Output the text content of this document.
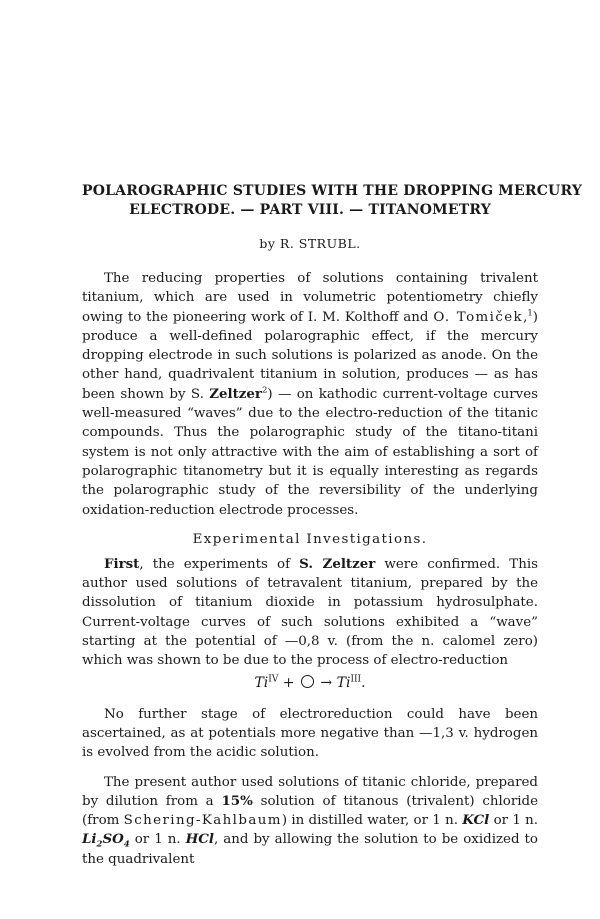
POLAROGRAPHIC STUDIES WITH THE DROPPING MERCURY
ELECTRODE. — PART VIII. — TITANOMETRY
by R. STRUBL.

The reducing properties of solutions containing trivalent titanium, which are used in volumetric potentiometry chiefly owing to the pioneering work of I. M. Kolthoff and O. Tomiček,$^1$) produce a well-defined polarographic effect, if the mercury dropping electrode in such solutions is polarized as anode. On the other hand, quadrivalent titanium in solution, produces — as has been shown by S. Zeltzer$^2$) — on kathodic current-voltage curves well-measured “waves” due to the electro-reduction of the titanic compounds. Thus the polarographic study of the titano-titani system is not only attractive with the aim of establishing a sort of polarographic titanometry but it is equally interesting as regards the polarographic study of the reversibility of the underlying oxidation-reduction electrode processes.

Experimental Investigations.

First, the experiments of S. Zeltzer were confirmed. This author used solutions of tetravalent titanium, prepared by the dissolution of titanium dioxide in potassium hydrosulphate. Current-voltage curves of such solutions exhibited a “wave” starting at the potential of —0,8 v. (from the n. calomel zero) which was shown to be due to the process of electro-reduction

$Ti^{IV}$ +  → $Ti^{III}$.

No further stage of electroreduction could have been ascertained, as at potentials more negative than —1,3 v. hydrogen is evolved from the acidic solution.

The present author used solutions of titanic chloride, prepared by dilution from a 15% solution of titanous (trivalent) chloride (from Schering-Kahlbaum) in distilled water, or 1 n. KCl or 1 n. $Li_2SO_4$ or 1 n. HCl, and by allowing the solution to be oxidized to the quadrivalent
